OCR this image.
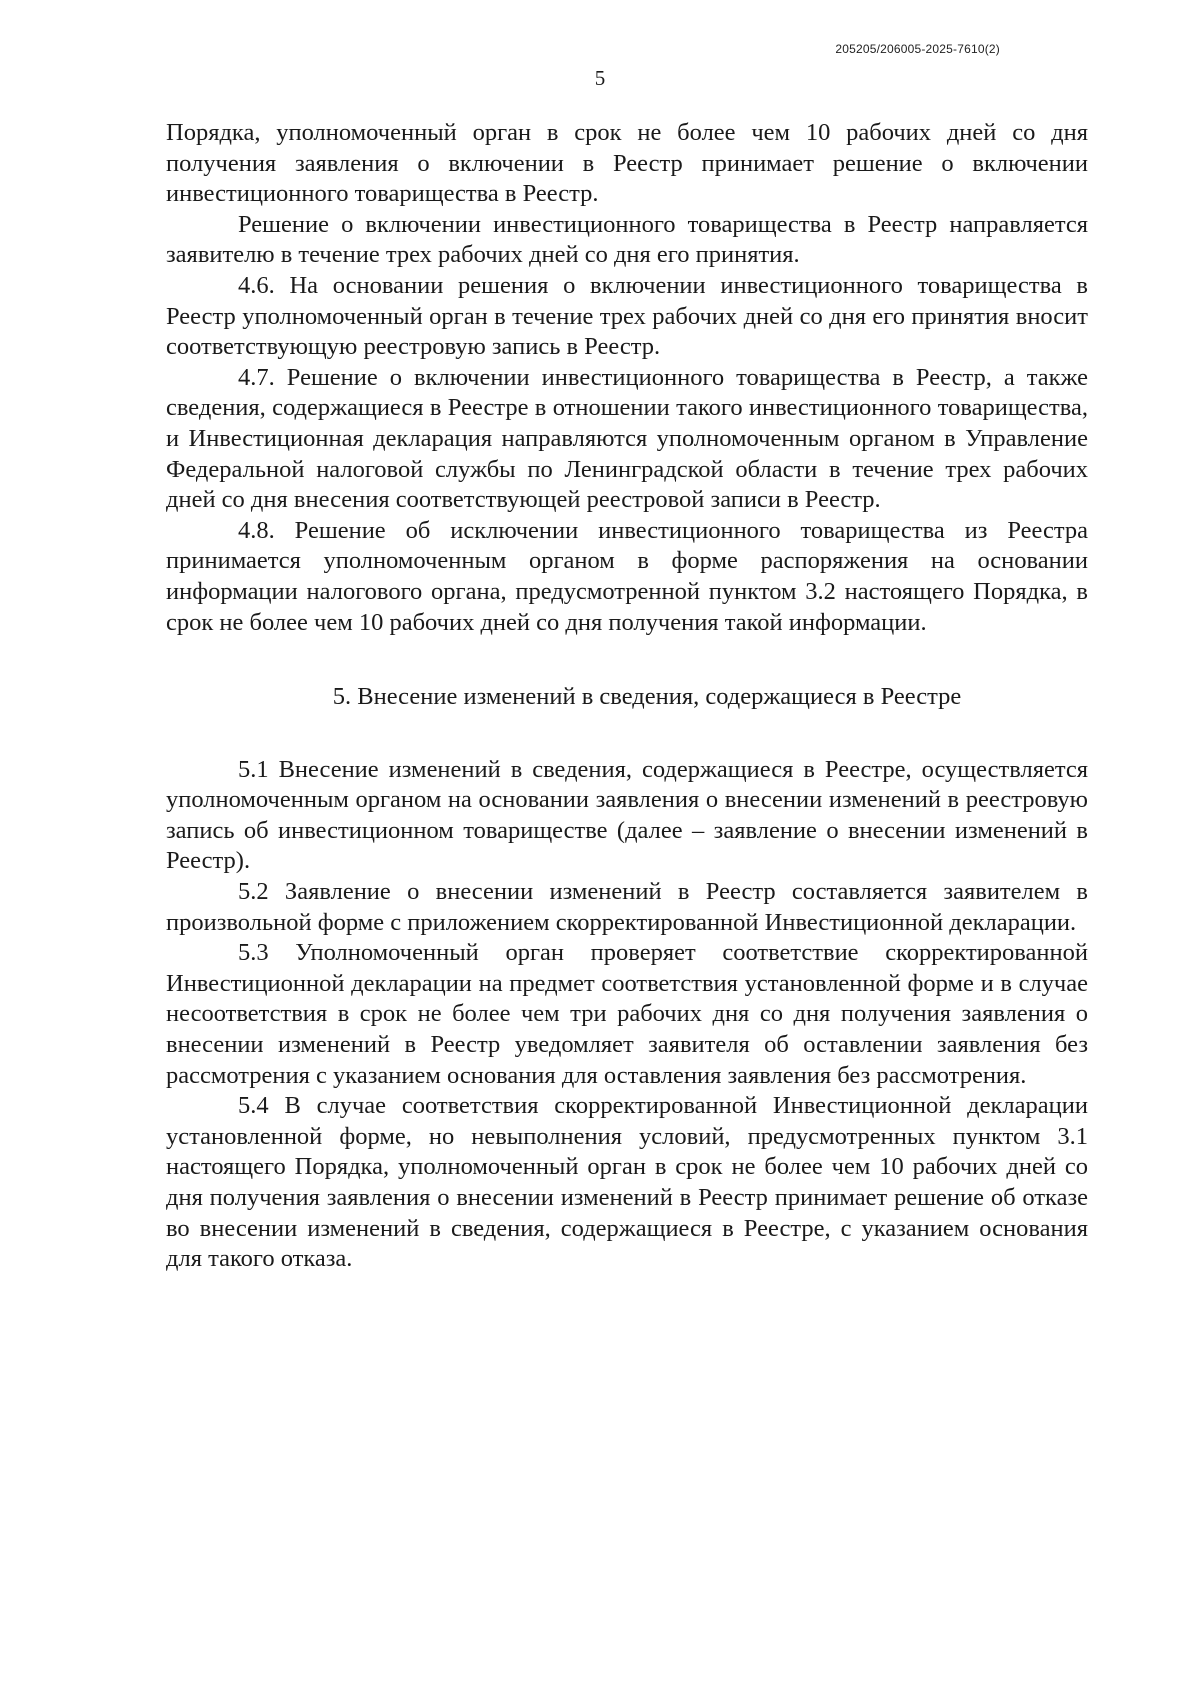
205205/206005-2025-7610(2)
5

Порядка, уполномоченный орган в срок не более чем 10 рабочих дней со дня получения заявления о включении в Реестр принимает решение о включении инвестиционного товарищества в Реестр.

Решение о включении инвестиционного товарищества в Реестр направляется заявителю в течение трех рабочих дней со дня его принятия.

4.6. На основании решения о включении инвестиционного товарищества в Реестр уполномоченный орган в течение трех рабочих дней со дня его принятия вносит соответствующую реестровую запись в Реестр.

4.7. Решение о включении инвестиционного товарищества в Реестр, а также сведения, содержащиеся в Реестре в отношении такого инвестиционного товарищества, и Инвестиционная декларация направляются уполномоченным органом в Управление Федеральной налоговой службы по Ленинградской области в течение трех рабочих дней со дня внесения соответствующей реестровой записи в Реестр.

4.8. Решение об исключении инвестиционного товарищества из Реестра принимается уполномоченным органом в форме распоряжения на основании информации налогового органа, предусмотренной пунктом 3.2 настоящего Порядка, в срок не более чем 10 рабочих дней со дня получения такой информации.

5. Внесение изменений в сведения, содержащиеся в Реестре

5.1 Внесение изменений в сведения, содержащиеся в Реестре, осуществляется уполномоченным органом на основании заявления о внесении изменений в реестровую запись об инвестиционном товариществе (далее – заявление о внесении изменений в Реестр).

5.2 Заявление о внесении изменений в Реестр составляется заявителем в произвольной форме с приложением скорректированной Инвестиционной декларации.

5.3 Уполномоченный орган проверяет соответствие скорректированной Инвестиционной декларации на предмет соответствия установленной форме и в случае несоответствия в срок не более чем три рабочих дня со дня получения заявления о внесении изменений в Реестр уведомляет заявителя об оставлении заявления без рассмотрения с указанием основания для оставления заявления без рассмотрения.

5.4 В случае соответствия скорректированной Инвестиционной декларации установленной форме, но невыполнения условий, предусмотренных пунктом 3.1 настоящего Порядка, уполномоченный орган в срок не более чем 10 рабочих дней со дня получения заявления о внесении изменений в Реестр принимает решение об отказе во внесении изменений в сведения, содержащиеся в Реестре, с указанием основания для такого отказа.
